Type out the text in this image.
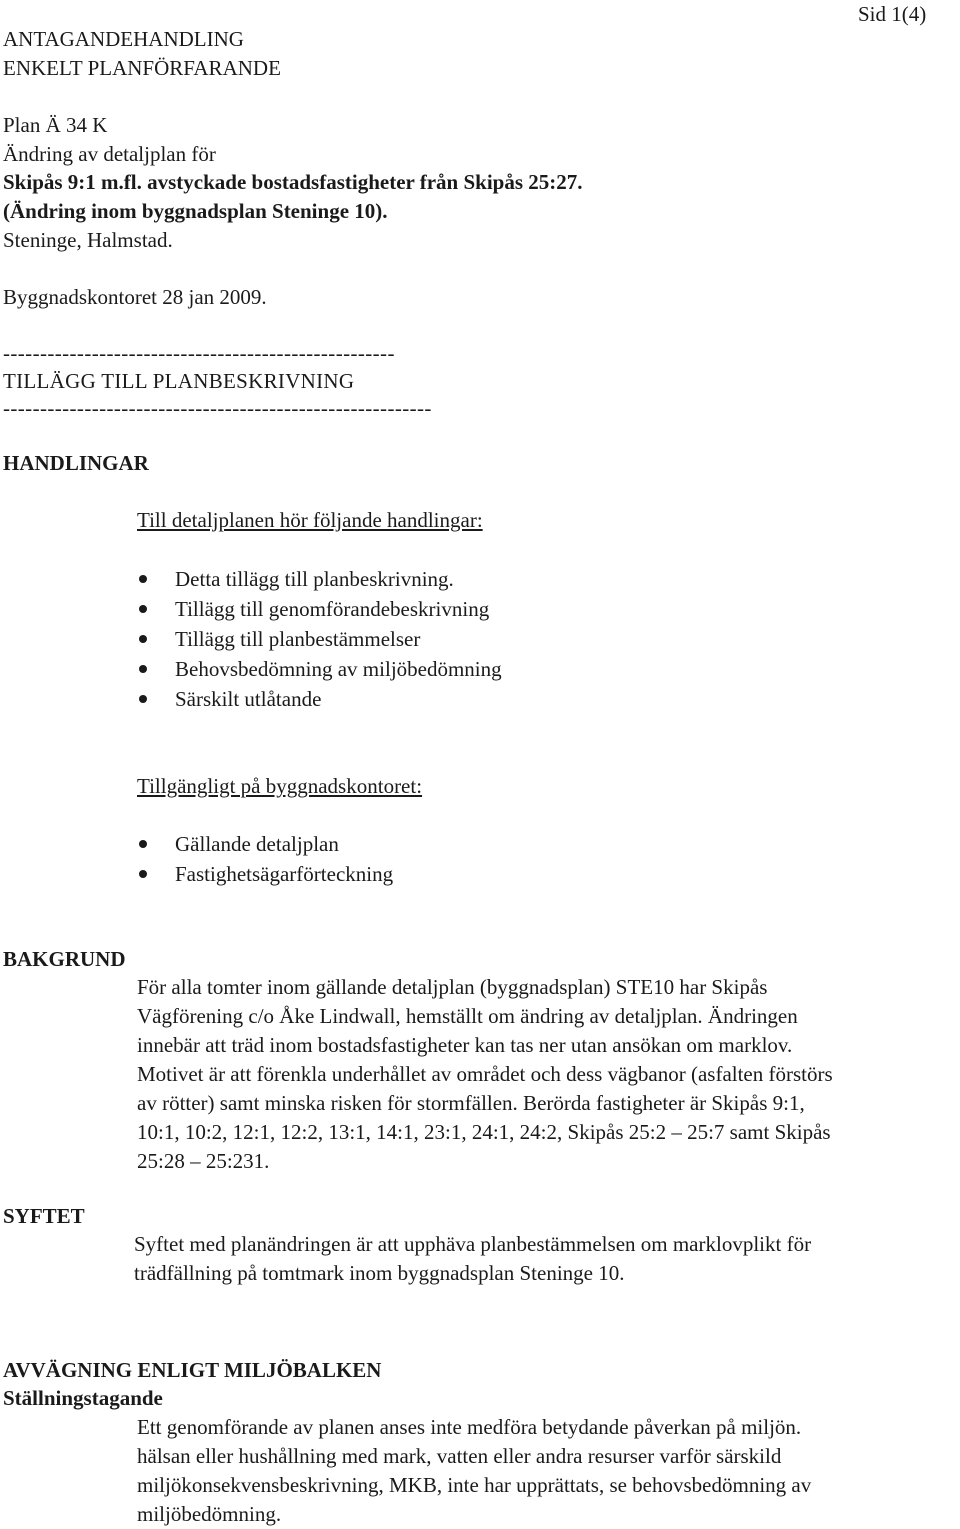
Sid 1(4)
ANTAGANDEHANDLING
ENKELT PLANFÖRFARANDE
Plan Ä 34 K
Ändring av detaljplan för
Skipås 9:1 m.fl. avstyckade bostadsfastigheter från Skipås 25:27.
(Ändring inom byggnadsplan Steninge 10).
Steninge, Halmstad.
Byggnadskontoret 28 jan 2009.
-----------------------------------------------------
TILLÄGG TILL PLANBESKRIVNING
----------------------------------------------------------
HANDLINGAR
Till detaljplanen hör följande handlingar:
Detta tillägg till planbeskrivning.
Tillägg till genomförandebeskrivning
Tillägg till planbestämmelser
Behovsbedömning av miljöbedömning
Särskilt utlåtande
Tillgängligt på byggnadskontoret:
Gällande detaljplan
Fastighetsägarförteckning
BAKGRUND
För alla tomter inom gällande detaljplan (byggnadsplan) STE10 har Skipås
Vägförening c/o Åke Lindwall, hemställt om ändring av detaljplan. Ändringen
innebär att träd inom bostadsfastigheter kan tas ner utan ansökan om marklov.
Motivet är att förenkla underhållet av området och dess vägbanor (asfalten förstörs
av rötter) samt minska risken för stormfällen. Berörda fastigheter är Skipås 9:1,
10:1, 10:2, 12:1, 12:2, 13:1, 14:1, 23:1, 24:1, 24:2, Skipås 25:2 – 25:7 samt Skipås
25:28 – 25:231.
SYFTET
Syftet med planändringen är att upphäva planbestämmelsen om marklovplikt för
trädfällning på tomtmark inom byggnadsplan Steninge 10.
AVVÄGNING ENLIGT MILJÖBALKEN
Ställningstagande
Ett genomförande av planen anses inte medföra betydande påverkan på miljön.
hälsan eller hushållning med mark, vatten eller andra resurser varför särskild
miljökonsekvensbeskrivning, MKB, inte har upprättats, se behovsbedömning av
miljöbedömning.
